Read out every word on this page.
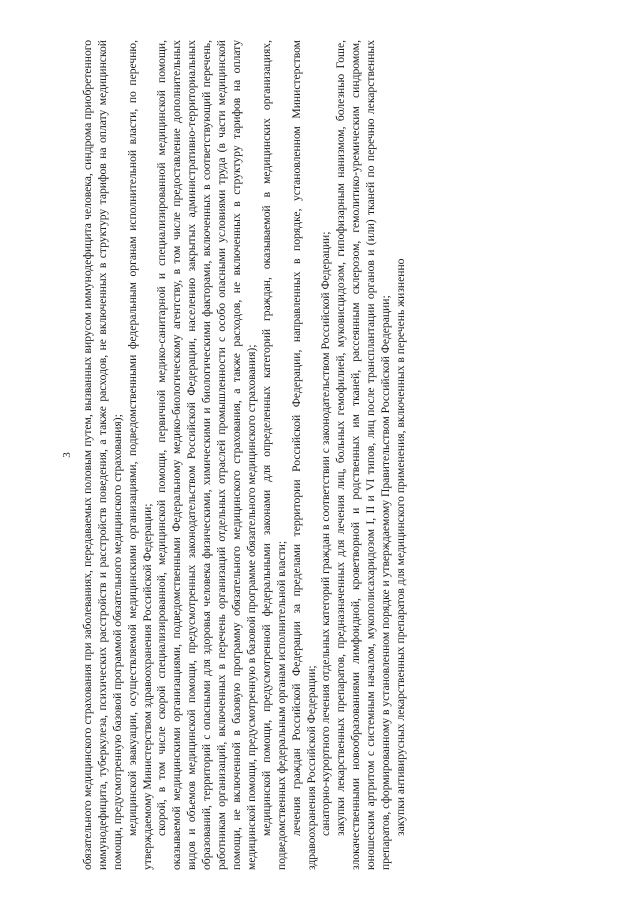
3 обязательного медицинского страхования при заболеваниях, передаваемых половым путем, вызванных вирусом иммунодефицита человека, синдрома приобретенного иммунодефицита, туберкулеза, психических расстройств и расстройств поведения, а также расходов, не включенных в структуру тарифов на оплату медицинской помощи, предусмотренную базовой программой обязательного медицинского страхования); медицинской эвакуации, осуществляемой медицинскими организациями, подведомственными федеральным органам исполнительной власти, по перечню, утверждаемому Министерством здравоохранения Российской Федерации; скорой, в том числе скорой специализированной, медицинской помощи, первичной медико-санитарной и специализированной медицинской помощи, оказываемой медицинскими организациями, подведомственными Федеральному медико-биологическому агентству, в том числе предоставление дополнительных видов и объемов медицинской помощи, предусмотренных законодательством Российской Федерации, населению закрытых административно-территориальных образований, территорий с опасными для здоровья человека физическими, химическими и биологическими факторами, включенных в соответствующий перечень, работникам организаций, включенных в перечень организаций отдельных отраслей промышленности с особо опасными условиями труда (в части медицинской помощи, не включенной в базовую программу обязательного медицинского страхования, а также расходов, не включенных в структуру тарифов на оплату медицинской помощи, предусмотренную в базовой программе обязательного медицинского страхования); медицинской помощи, предусмотренной федеральными законами для определенных категорий граждан, оказываемой в медицинских организациях, подведомственных федеральным органам исполнительной власти; лечения граждан Российской Федерации за пределами территории Российской Федерации, направленных в порядке, установленном Министерством здравоохранения Российской Федерации; санаторно-курортного лечения отдельных категорий граждан в соответствии с законодательством Российской Федерации; закупки лекарственных препаратов, предназначенных для лечения лиц, больных гемофилией, муковисцидозом, гипофизарным нанизмом, болезнью Гоше, злокачественными новообразованиями лимфоидной, кроветворной и родственных им тканей, рассеянным склерозом, гемолитико-уремическим синдромом, юношеским артритом с системным началом, мукополисахаридозом I, II и VI типов, лиц после трансплантации органов и (или) тканей по перечню лекарственных препаратов, сформированному в установленном порядке и утверждаемому Правительством Российской Федерации; закупки антивирусных лекарственных препаратов для медицинского применения, включенных в перечень жизненно
